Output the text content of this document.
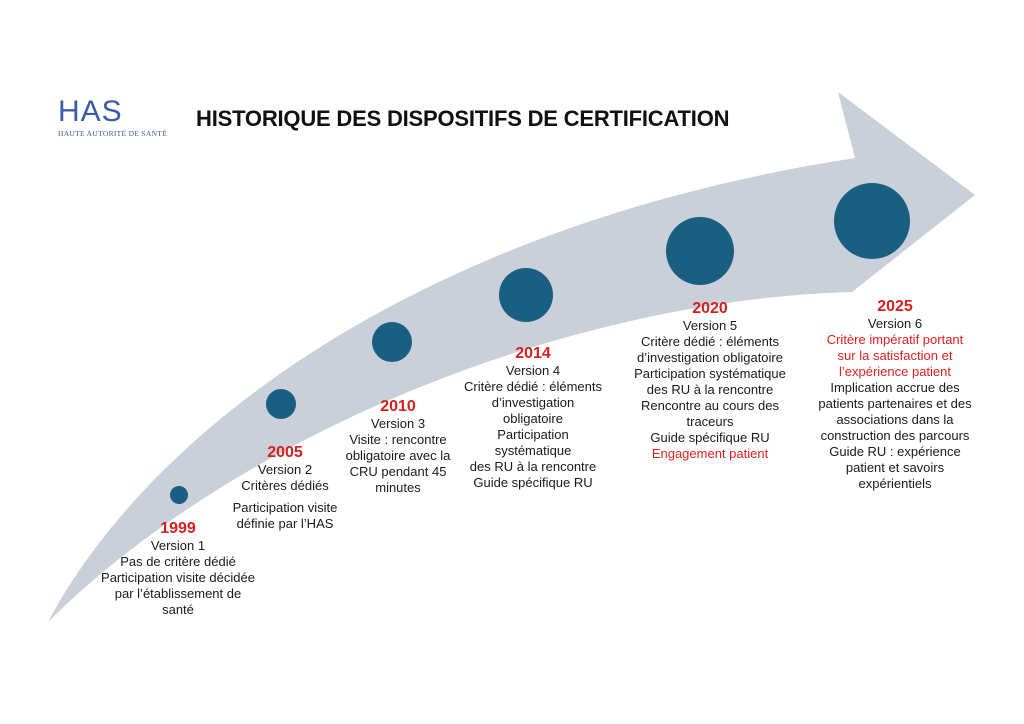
HAS
HAUTE AUTORITÉ DE SANTÉ
HISTORIQUE DES DISPOSITIFS DE CERTIFICATION
1999
Version 1
Pas de critère dédié
Participation visite décidée
par l’établissement de
santé
2005
Version 2
Critères dédiés
Participation visite
définie par l’HAS
2010
Version 3
Visite : rencontre
obligatoire avec la
CRU pendant 45
minutes
2014
Version 4
Critère dédié : éléments
d’investigation
obligatoire
Participation
systématique
des RU à la rencontre
Guide spécifique RU
2020
Version 5
Critère dédié : éléments
d’investigation obligatoire
Participation systématique
des RU à la rencontre
Rencontre au cours des
traceurs
Guide spécifique RU
Engagement patient
2025
Version 6
Critère impératif portant
sur la satisfaction et
l’expérience patient
Implication accrue des
patients partenaires et des
associations dans la
construction des parcours
Guide RU : expérience
patient et savoirs
expérientiels
